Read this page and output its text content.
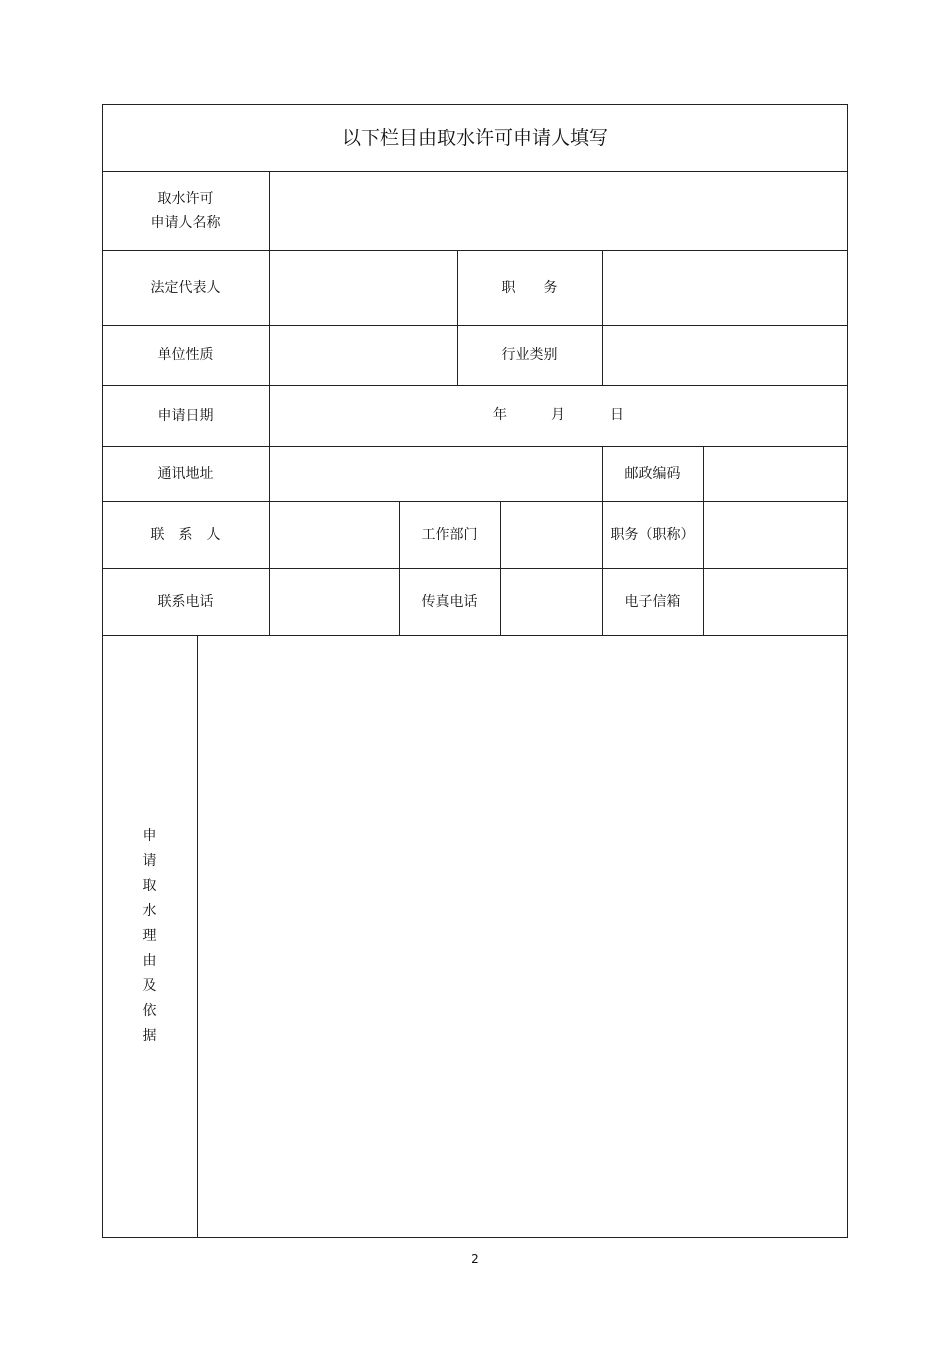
以下栏目由取水许可申请人填写
取水许可
申请人名称
法定代表人	职　　务
单位性质	行业类别
申请日期	年	月	日
通讯地址	邮政编码
联　系　人	工作部门	职务（职称）
联系电话	传真电话	电子信箱
申
请
取
水
理
由
及
依
据
2
